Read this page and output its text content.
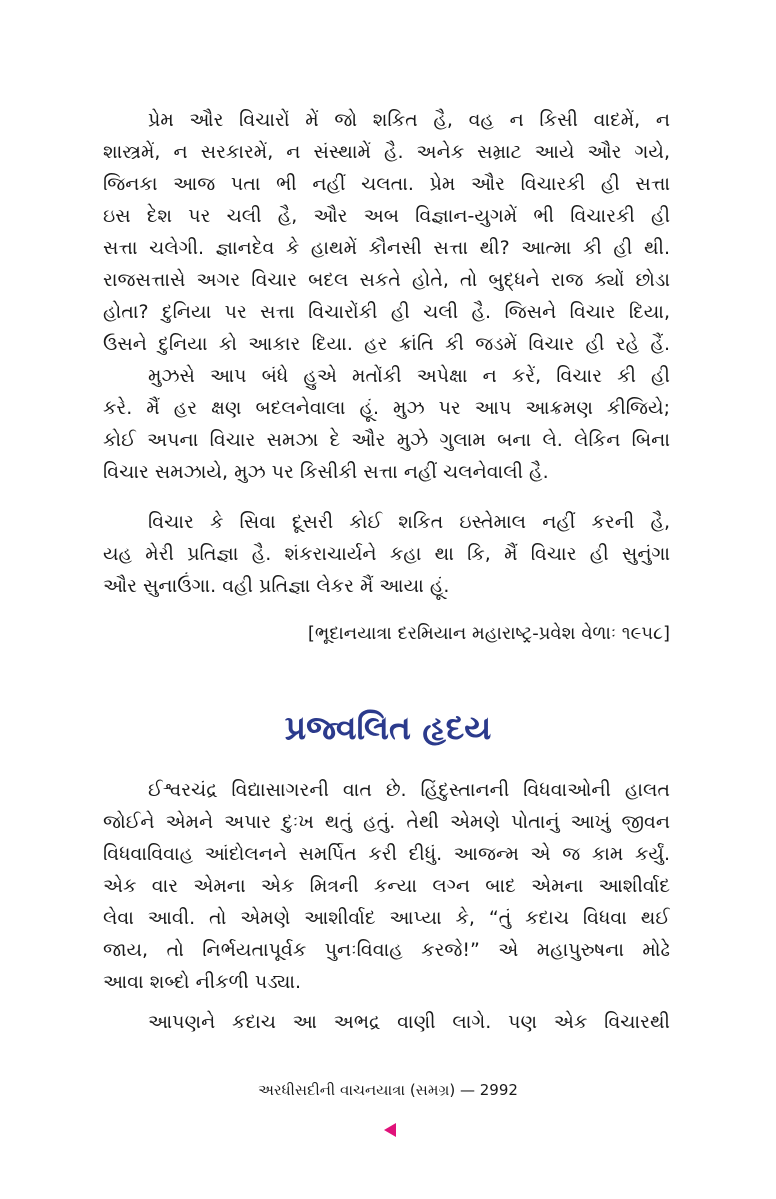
પ્રેમ ઔર વિચારોં મેં જો શકિત હૈ, વહ ન કિસી વાદમેં, ન
શાસ્ત્રમેં, ન સરકારમેં, ન સંસ્થામેં હૈ. અનેક સમ્રાટ આયે ઔર ગયે,
જિનકા આજ પતા ભી નહીં ચલતા. પ્રેમ ઔર વિચારકી હી સત્તા
ઇસ દેશ પર ચલી હૈ, ઔર અબ વિજ્ઞાન-યુગમેં ભી વિચારકી હી
સત્તા ચલેગી. જ્ઞાનદેવ કે હાથમેં કૌનસી સત્તા થી? આત્મા કી હી થી.
રાજસત્તાસે અગર વિચાર બદલ સકતે હોતે, તો બુદ્ધને રાજ ક્યોં છોડા
હોતા? દુનિયા પર સત્તા વિચારોંકી હી ચલી હૈ. જિસને વિચાર દિયા,
ઉસને દુનિયા કો આકાર દિયા. હર ક્રાંતિ કી જડમેં વિચાર હી રહે હૈં.
મુઝસે આપ બંધે હુએ મતોંકી અપેક્ષા ન કરેં, વિચાર કી હી
કરે. મૈં હર ક્ષણ બદલનેવાલા હૂં. મુઝ પર આપ આક્રમણ કીજિયે;
કોઈ અપના વિચાર સમઝા દે ઔર મુઝે ગુલામ બના લે. લેકિન બિના
વિચાર સમઝાયે, મુઝ પર કિસીકી સત્તા નહીં ચલનેવાલી હૈ.
વિચાર કે સિવા દૂસરી કોઈ શકિત ઇસ્તેમાલ નહીં કરની હૈ,
યહ મેરી પ્રતિજ્ઞા હૈ. શંકરાચાર્યને કહા થા કિ, મૈં વિચાર હી સુનુંગા
ઔર સુનાઉંગા. વહી પ્રતિજ્ઞા લેકર મૈં આયા હૂં.
[ભૂદાનયાત્રા દરમિયાન મહારાષ્ટ્ર-પ્રવેશ વેળાઃ ૧૯૫૮]
પ્રજ્વલિત હૃદય
ઈશ્વરચંદ્ર વિદ્યાસાગરની વાત છે. હિંદુસ્તાનની વિધવાઓની હાલત
જોઈને એમને અપાર દુઃખ થતું હતું. તેથી એમણે પોતાનું આખું જીવન
વિધવાવિવાહ આંદોલનને સમર્પિત કરી દીધું. આજન્મ એ જ કામ કર્યું.
એક વાર એમના એક મિત્રની કન્યા લગ્ન બાદ એમના આશીર્વાદ
લેવા આવી. તો એમણે આશીર્વાદ આપ્યા કે, “તું કદાચ વિધવા થઈ
જાય, તો નિર્ભયતાપૂર્વક પુનઃવિવાહ કરજે!” એ મહાપુરુષના મોઢે
આવા શબ્દો નીકળી પડ્યા.
આપણને કદાચ આ અભદ્ર વાણી લાગે. પણ એક વિચારથી
અરધીસદીની વાચનયાત્રા (સમગ્ર) — 2992
